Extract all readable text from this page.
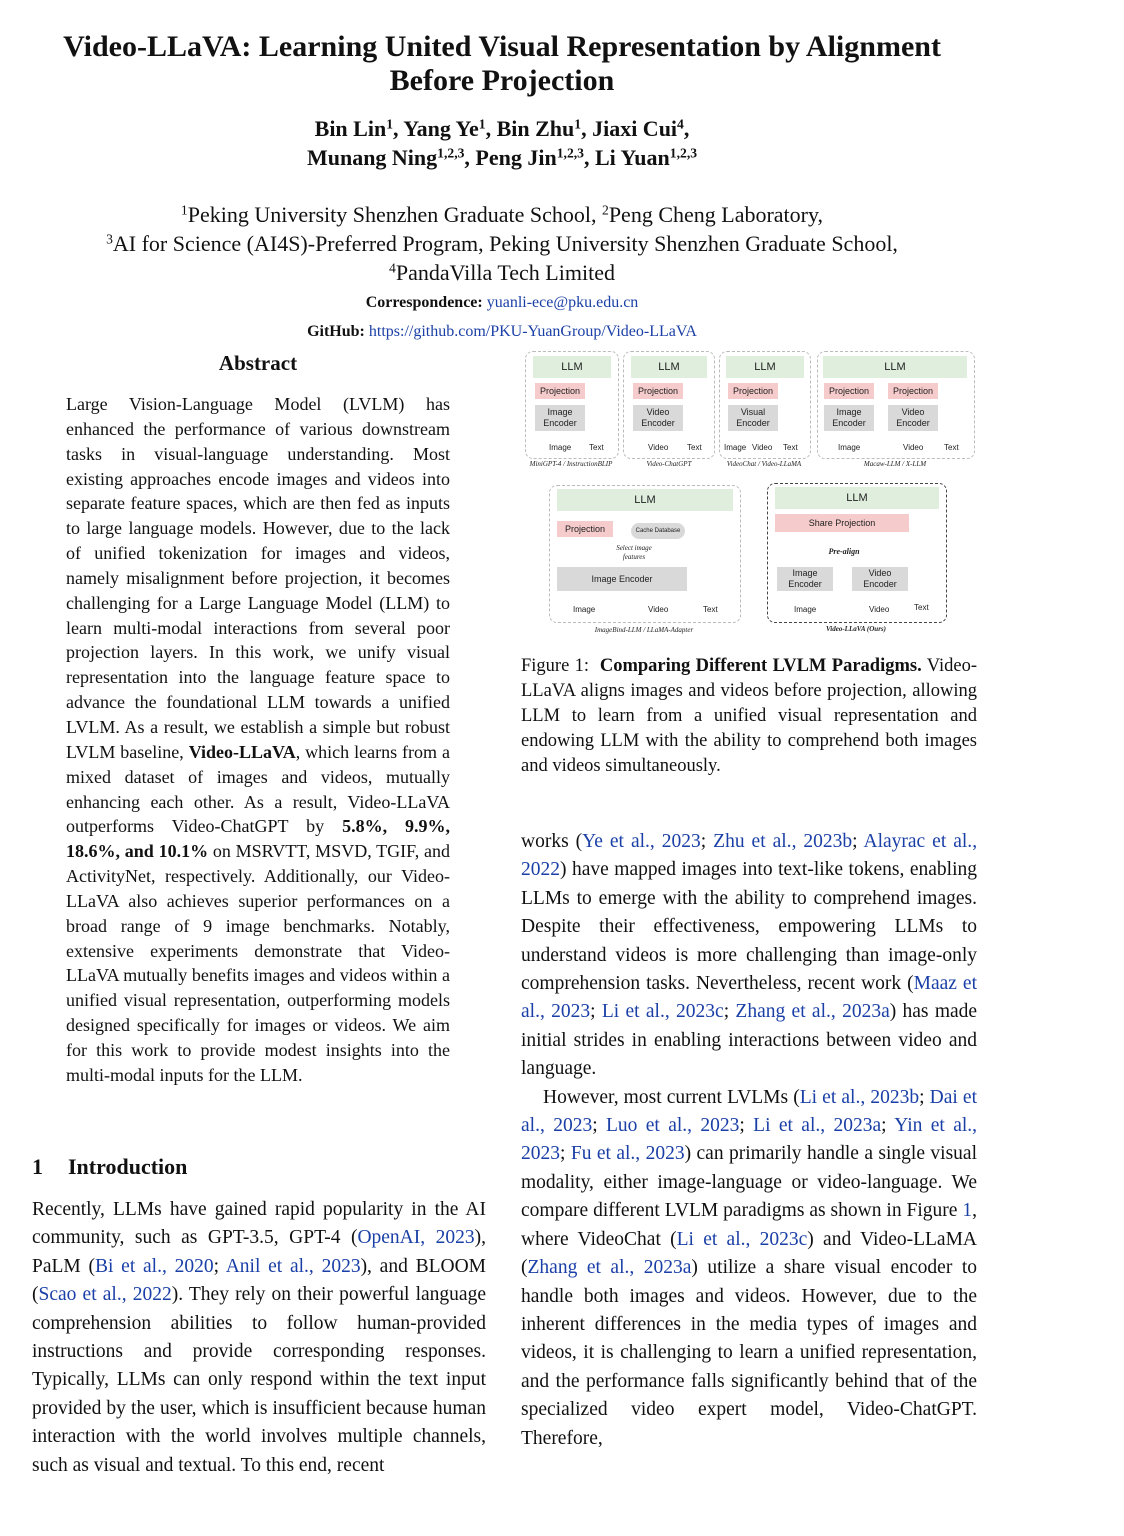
Video-LLaVA: Learning United Visual Representation by Alignment Before Projection
Bin Lin$^1$, Yang Ye$^1$, Bin Zhu$^1$, Jiaxi Cui$^4$,
Munang Ning$^{1,2,3}$, Peng Jin$^{1,2,3}$, Li Yuan$^{1,2,3}$
$^1$Peking University Shenzhen Graduate School, $^2$Peng Cheng Laboratory,
$^3$AI for Science (AI4S)-Preferred Program, Peking University Shenzhen Graduate School,
$^4$PandaVilla Tech Limited
Correspondence: yuanli-ece@pku.edu.cn
GitHub: https://github.com/PKU-YuanGroup/Video-LLaVA
Abstract
Large Vision-Language Model (LVLM) has enhanced the performance of various downstream tasks in visual-language understanding. Most existing approaches encode images and videos into separate feature spaces, which are then fed as inputs to large language models. However, due to the lack of unified tokenization for images and videos, namely misalignment before projection, it becomes challenging for a Large Language Model (LLM) to learn multi-modal interactions from several poor projection layers. In this work, we unify visual representation into the language feature space to advance the foundational LLM towards a unified LVLM. As a result, we establish a simple but robust LVLM baseline, Video-LLaVA, which learns from a mixed dataset of images and videos, mutually enhancing each other. As a result, Video-LLaVA outperforms Video-ChatGPT by 5.8%, 9.9%, 18.6%, and 10.1% on MSRVTT, MSVD, TGIF, and ActivityNet, respectively. Additionally, our Video-LLaVA also achieves superior performances on a broad range of 9 image benchmarks. Notably, extensive experiments demonstrate that Video-LLaVA mutually benefits images and videos within a unified visual representation, outperforming models designed specifically for images or videos. We aim for this work to provide modest insights into the multi-modal inputs for the LLM.
1 Introduction
Recently, LLMs have gained rapid popularity in the AI community, such as GPT-3.5, GPT-4 (OpenAI, 2023), PaLM (Bi et al., 2020; Anil et al., 2023), and BLOOM (Scao et al., 2022). They rely on their powerful language comprehension abilities to follow human-provided instructions and provide corresponding responses. Typically, LLMs can only respond within the text input provided by the user, which is insufficient because human interaction with the world involves multiple channels, such as visual and textual. To this end, recent

works (Ye et al., 2023; Zhu et al., 2023b; Alayrac et al., 2022) have mapped images into text-like tokens, enabling LLMs to emerge with the ability to comprehend images. Despite their effectiveness, empowering LLMs to understand videos is more challenging than image-only comprehension tasks. Nevertheless, recent work (Maaz et al., 2023; Li et al., 2023c; Zhang et al., 2023a) has made initial strides in enabling interactions between video and language.

However, most current LVLMs (Li et al., 2023b; Dai et al., 2023; Luo et al., 2023; Li et al., 2023a; Yin et al., 2023; Fu et al., 2023) can primarily handle a single visual modality, either image-language or video-language. We compare different LVLM paradigms as shown in Figure 1, where VideoChat (Li et al., 2023c) and Video-LLaMA (Zhang et al., 2023a) utilize a share visual encoder to handle both images and videos. However, due to the inherent differences in the media types of images and videos, it is challenging to learn a unified representation, and the performance falls significantly behind that of the specialized video expert model, Video-ChatGPT. Therefore,

LLM
Projection
Image Encoder
Image Text
MiniGPT-4 / InstructionBLIP
LLM
Projection
Video Encoder
Video Text
Video-ChatGPT
LLM
Projection
Visual Encoder
Image Video Text
VideoChat / Video-LLaMA
LLM
Projection	Projection
Image Encoder
Video Encoder
Image	Video	Text
Macaw-LLM / X-LLM
LLM
Projection	Cache Database
Select image features
Image Encoder
Image	Video	Text
ImageBind-LLM / LLaMA-Adapter
LLM
Share Projection
Pre-align
Image Encoder
Video Encoder
Image	Video	Text
Video-LLaVA (Ours)
Figure 1: Comparing Different LVLM Paradigms. Video-LLaVA aligns images and videos before projection, allowing LLM to learn from a unified visual representation and endowing LLM with the ability to comprehend both images and videos simultaneously.
